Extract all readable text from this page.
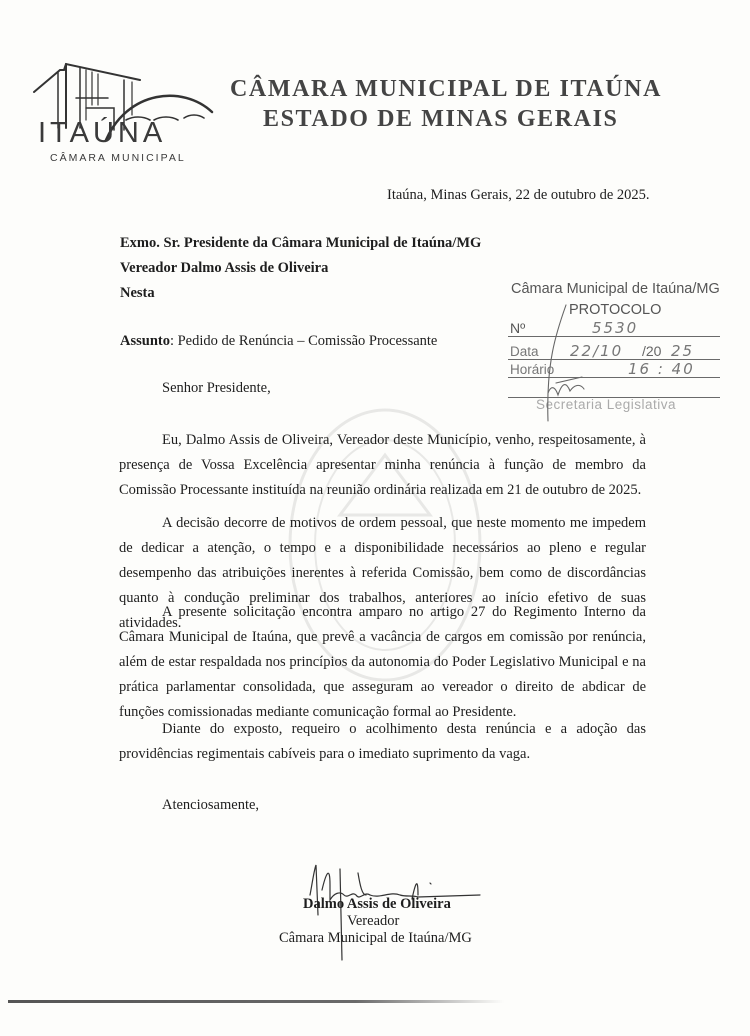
ITAÚNA
CÂMARA MUNICIPAL
CÂMARA MUNICIPAL DE ITAÚNA
ESTADO DE MINAS GERAIS
Itaúna, Minas Gerais, 22 de outubro de 2025.
Exmo. Sr. Presidente da Câmara Municipal de Itaúna/MG
Vereador Dalmo Assis de Oliveira
Nesta
Assunto: Pedido de Renúncia – Comissão Processante
Senhor Presidente,

Eu, Dalmo Assis de Oliveira, Vereador deste Município, venho, respeitosamente, à presença de Vossa Excelência apresentar minha renúncia à função de membro da Comissão Processante instituída na reunião ordinária realizada em 21 de outubro de 2025.

A decisão decorre de motivos de ordem pessoal, que neste momento me impedem de dedicar a atenção, o tempo e a disponibilidade necessários ao pleno e regular desempenho das atribuições inerentes à referida Comissão, bem como de discordâncias quanto à condução preliminar dos trabalhos, anteriores ao início efetivo de suas atividades.

A presente solicitação encontra amparo no artigo 27 do Regimento Interno da Câmara Municipal de Itaúna, que prevê a vacância de cargos em comissão por renúncia, além de estar respaldada nos princípios da autonomia do Poder Legislativo Municipal e na prática parlamentar consolidada, que asseguram ao vereador o direito de abdicar de funções comissionadas mediante comunicação formal ao Presidente.

Diante do exposto, requeiro o acolhimento desta renúncia e a adoção das providências regimentais cabíveis para o imediato suprimento da vaga.

Atenciosamente,
Dalmo Assis de Oliveira
Vereador
Câmara Municipal de Itaúna/MG
Câmara Municipal de Itaúna/MG
PROTOCOLO
Nº	5530
Data 22/10 /20 25
Horário	16 : 40
Secretaria Legislativa
